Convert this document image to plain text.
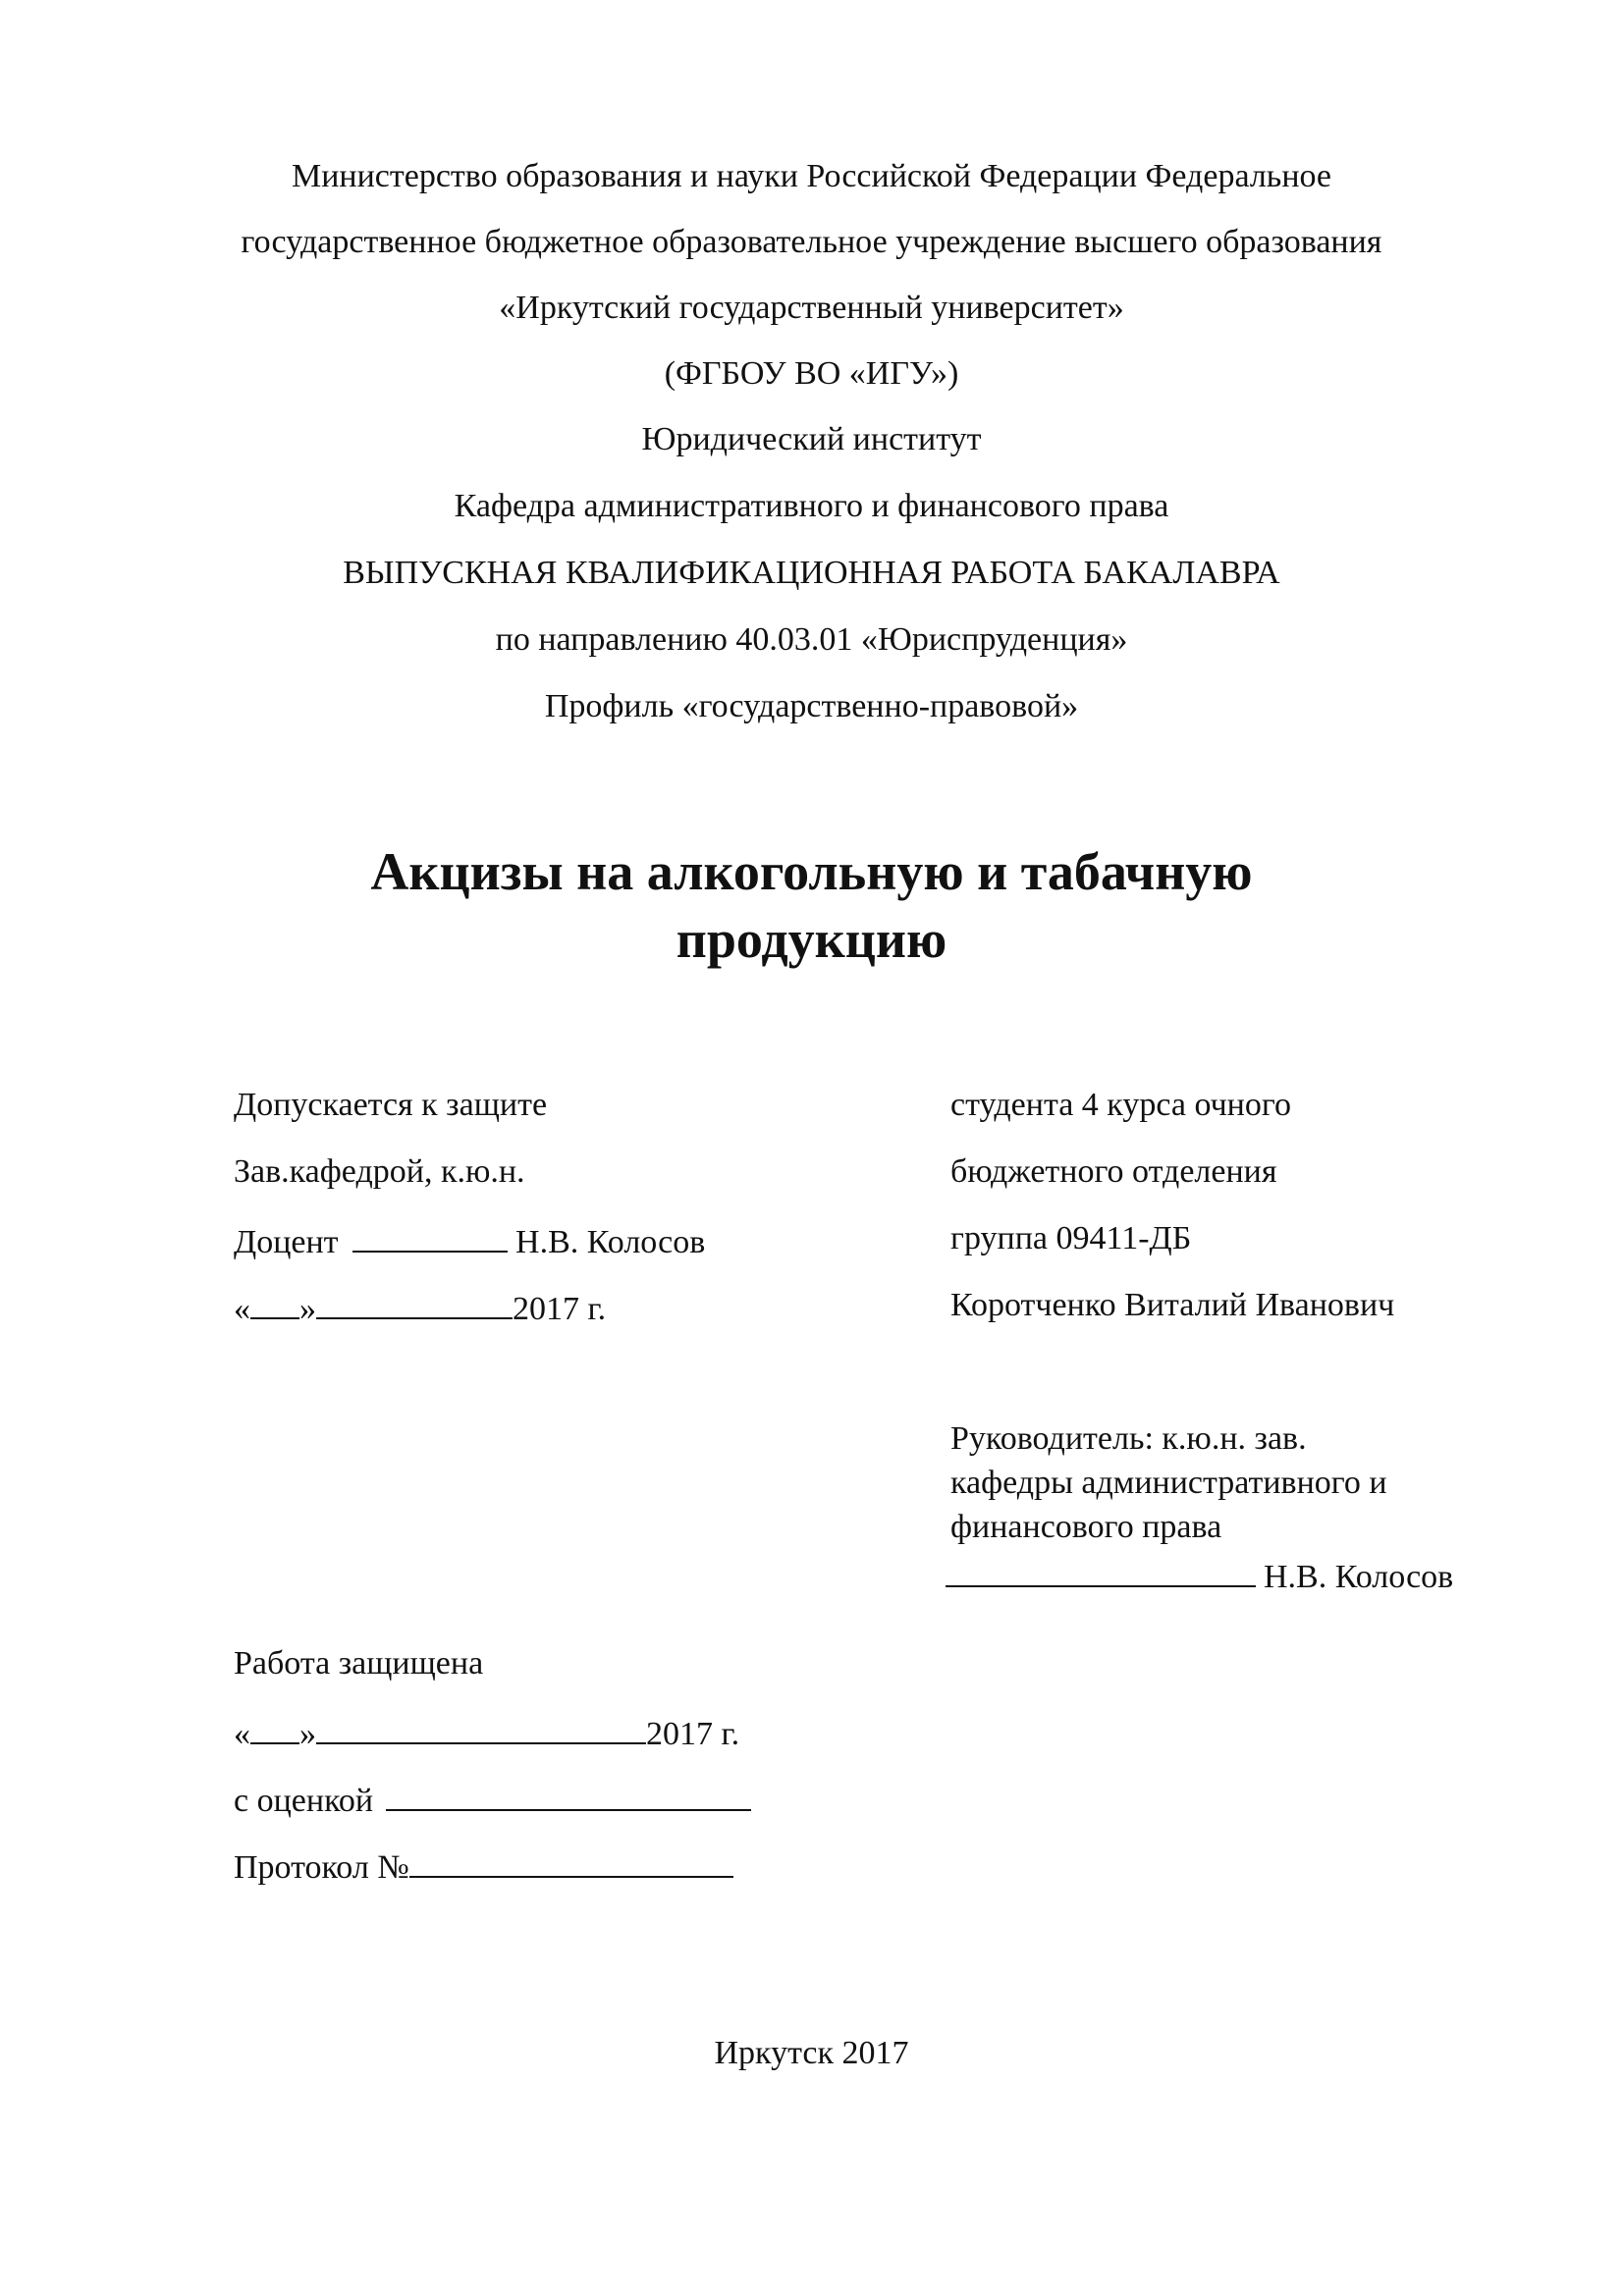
Министерство образования и науки Российской Федерации Федеральное
государственное бюджетное образовательное учреждение высшего образования
«Иркутский государственный университет»
(ФГБОУ ВО «ИГУ»)
Юридический институт
Кафедра административного и финансового права
ВЫПУСКНАЯ КВАЛИФИКАЦИОННАЯ РАБОТА БАКАЛАВРА
по направлению 40.03.01 «Юриспруденция»
Профиль «государственно-правовой»
Акцизы на алкогольную и табачную
продукцию
Допускается к защите
Зав.кафедрой, к.ю.н.
Доцент	Н.В. Колосов
« »	2017 г.
студента 4 курса очного
бюджетного отделения
группа 09411-ДБ
Коротченко Виталий Иванович
Руководитель: к.ю.н. зав.
кафедры административного и
финансового права
Н.В. Колосов
Работа защищена
« »	2017 г.
с оценкой
Протокол №
Иркутск 2017
